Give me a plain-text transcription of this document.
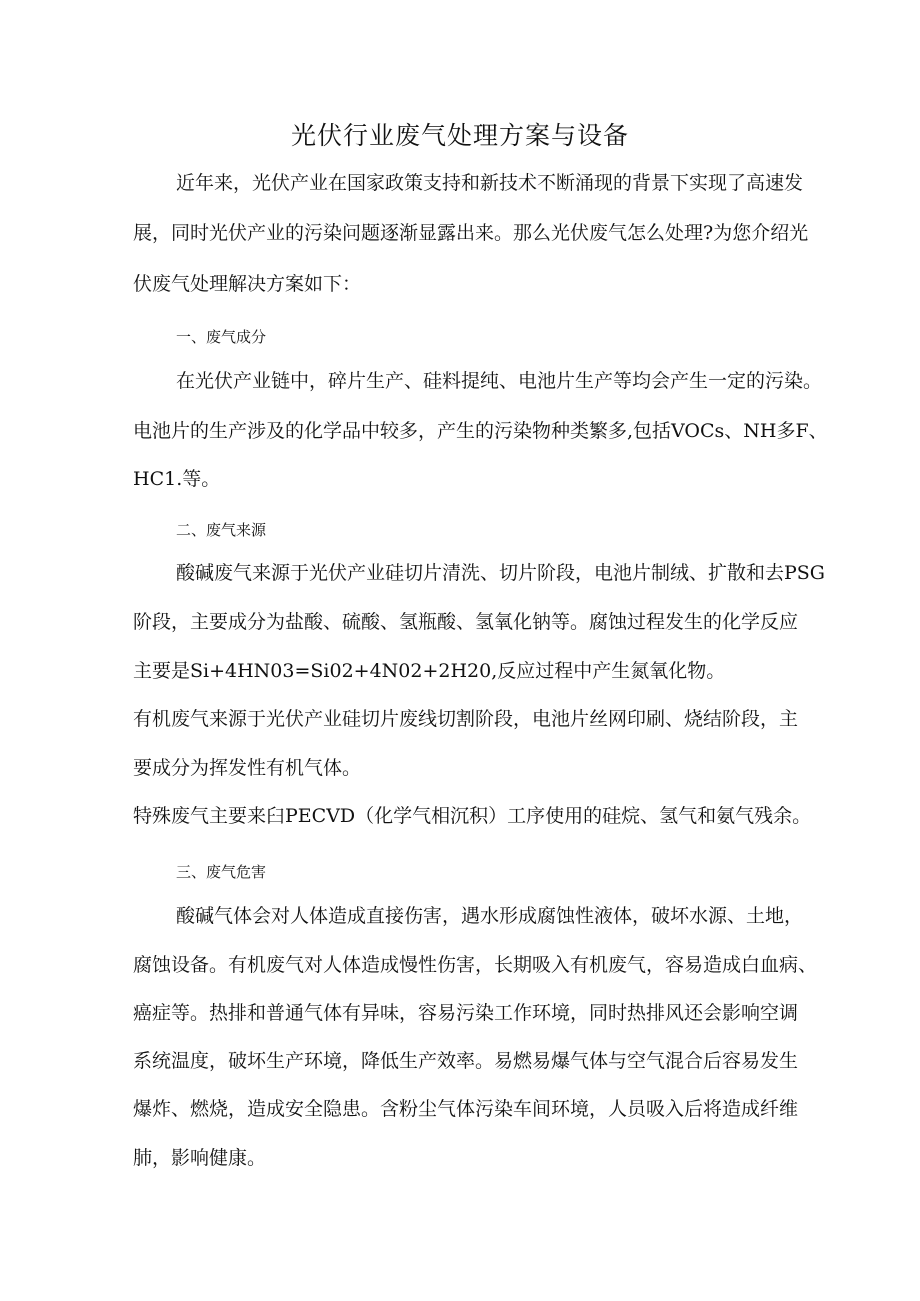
光伏行业废气处理方案与设备
近年来，光伏产业在国家政策支持和新技术不断涌现的背景下实现了高速发
展，同时光伏产业的污染问题逐渐显露出来。那么光伏废气怎么处理?为您介绍光
伏废气处理解决方案如下：
一、废气成分
在光伏产业链中，碎片生产、硅料提纯、电池片生产等均会产生一定的污染。
电池片的生产涉及的化学品中较多，产生的污染物种类繁多,包括VOCs、NH多F、
HC1.等。
二、废气来源
酸碱废气来源于光伏产业硅切片清洗、切片阶段，电池片制绒、扩散和去PSG
阶段，主要成分为盐酸、硫酸、氢瓶酸、氢氧化钠等。腐蚀过程发生的化学反应
主要是Si+4HN03=Si02+4N02+2H20,反应过程中产生氮氧化物。
有机废气来源于光伏产业硅切片废线切割阶段，电池片丝网印刷、烧结阶段，主
要成分为挥发性有机气体。
特殊废气主要来臼PECVD（化学气相沉积）工序使用的硅烷、氢气和氨气残余。
三、废气危害
酸碱气体会对人体造成直接伤害，遇水形成腐蚀性液体，破坏水源、土地，
腐蚀设备。有机废气对人体造成慢性伤害，长期吸入有机废气，容易造成白血病、
癌症等。热排和普通气体有异味，容易污染工作环境，同时热排风还会影响空调
系统温度，破坏生产环境，降低生产效率。易燃易爆气体与空气混合后容易发生
爆炸、燃烧，造成安全隐患。含粉尘气体污染车间环境，人员吸入后将造成纤维
肺，影响健康。
